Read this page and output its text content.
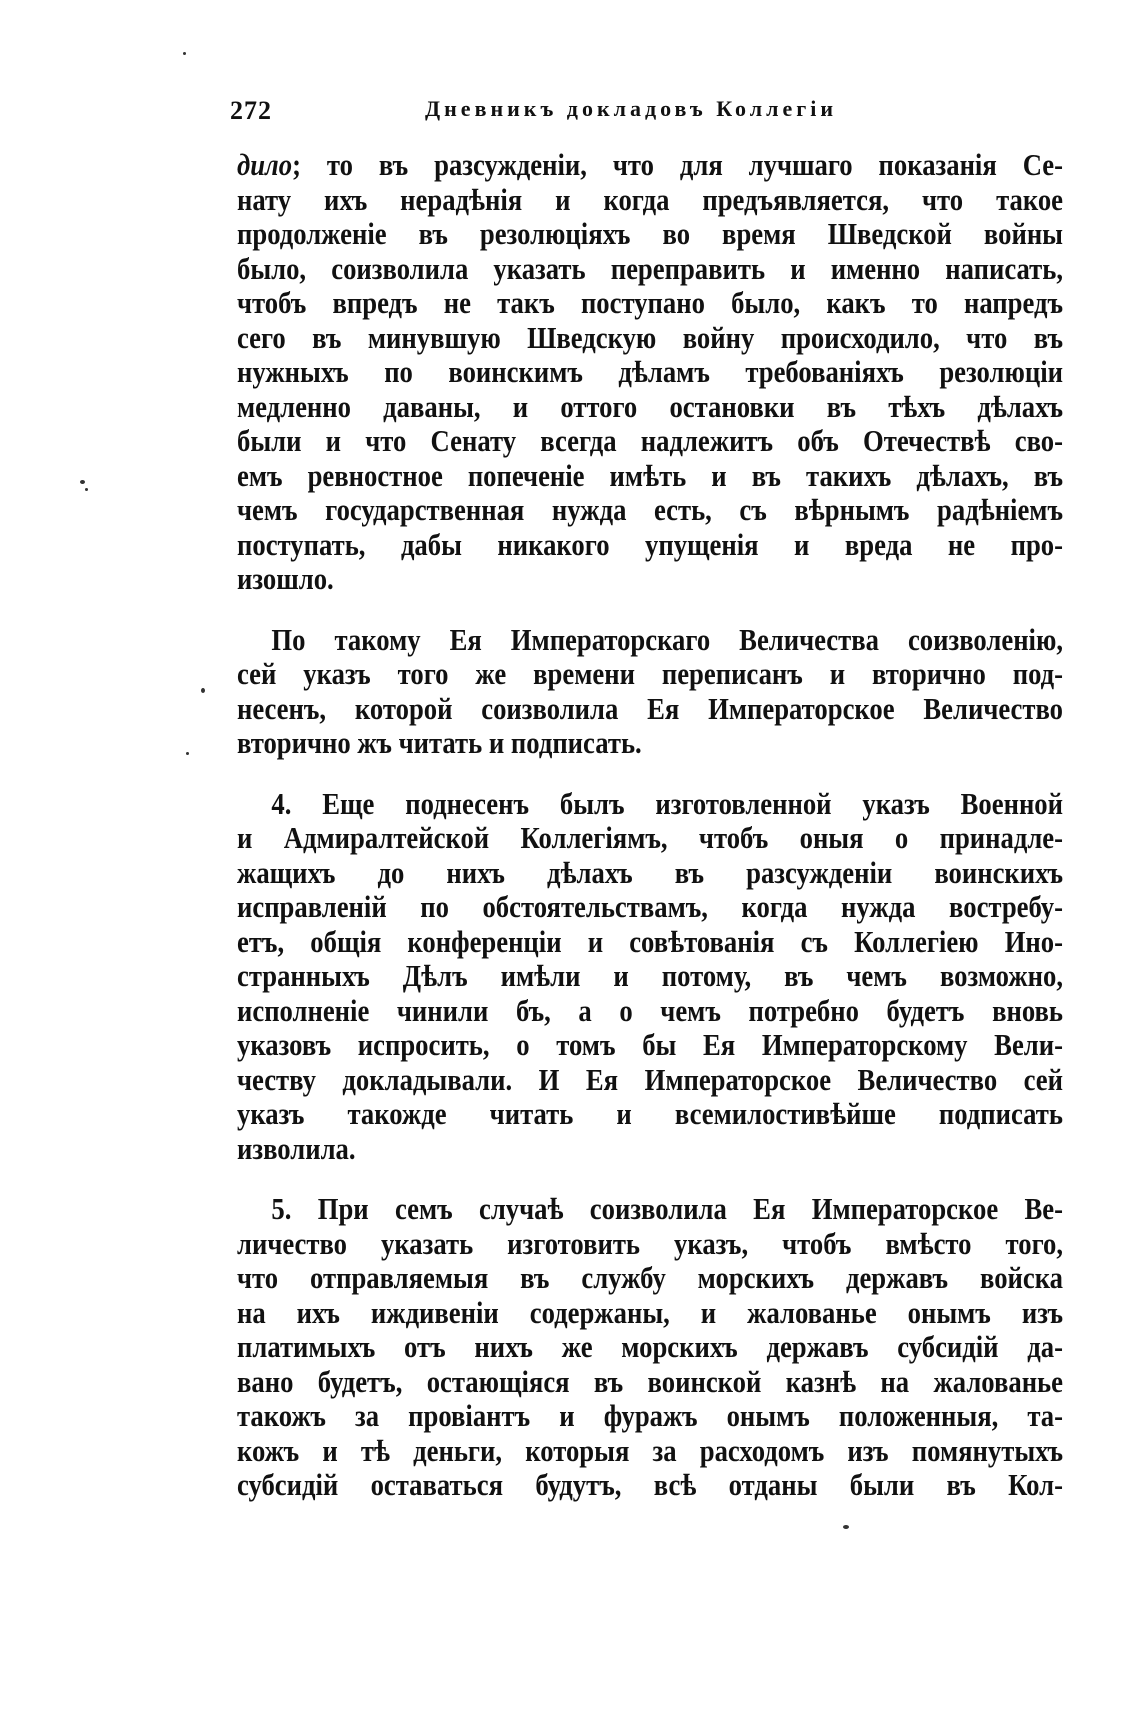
272	Дневникъ докладовъ Коллегіи
дило; то въ разсужденіи, что для лучшаго показанія Се-
нату ихъ нерадѣнія и когда предъявляется, что такое
продолженіе въ резолюціяхъ во время Шведской войны
было, соизволила указать переправить и именно написать,
чтобъ впредъ не такъ поступано было, какъ то напредъ
сего въ минувшую Шведскую войну происходило, что въ
нужныхъ по воинскимъ дѣламъ требованіяхъ резолюціи
медленно даваны, и оттого остановки въ тѣхъ дѣлахъ
были и что Сенату всегда надлежитъ объ Отечествѣ сво-
емъ ревностное попеченіе имѣть и въ такихъ дѣлахъ, въ
чемъ государственная нужда есть, съ вѣрнымъ радѣніемъ
поступать, дабы никакого упущенія и вреда не про-
изошло.
По такому Ея Императорскаго Величества соизволенію,
сей указъ того же времени переписанъ и вторично под-
несенъ, которой соизволила Ея Императорское Величество
вторично жъ читать и подписать.
4. Еще поднесенъ былъ изготовленной указъ Военной
и Адмиралтейской Коллегіямъ, чтобъ оныя о принадле-
жащихъ до нихъ дѣлахъ въ разсужденіи воинскихъ
исправленій по обстоятельствамъ, когда нужда востребу-
етъ, общія конференціи и совѣтованія съ Коллегіею Ино-
странныхъ Дѣлъ имѣли и потому, въ чемъ возможно,
исполненіе чинили бъ, а о чемъ потребно будетъ вновь
указовъ испросить, о томъ бы Ея Императорскому Вели-
честву докладывали. И Ея Императорское Величество сей
указъ такожде читать и всемилостивѣйше подписать
изволила.
5. При семъ случаѣ соизволила Ея Императорское Ве-
личество указать изготовить указъ, чтобъ вмѣсто того,
что отправляемыя въ службу морскихъ державъ войска
на ихъ иждивеніи содержаны, и жалованье онымъ изъ
платимыхъ отъ нихъ же морскихъ державъ субсидій да-
вано будетъ, остающіяся въ воинской казнѣ на жалованье
такожъ за провіантъ и фуражъ онымъ положенныя, та-
кожъ и тѣ деньги, которыя за расходомъ изъ помянутыхъ
субсидій оставаться будутъ, всѣ отданы были въ Кол-
